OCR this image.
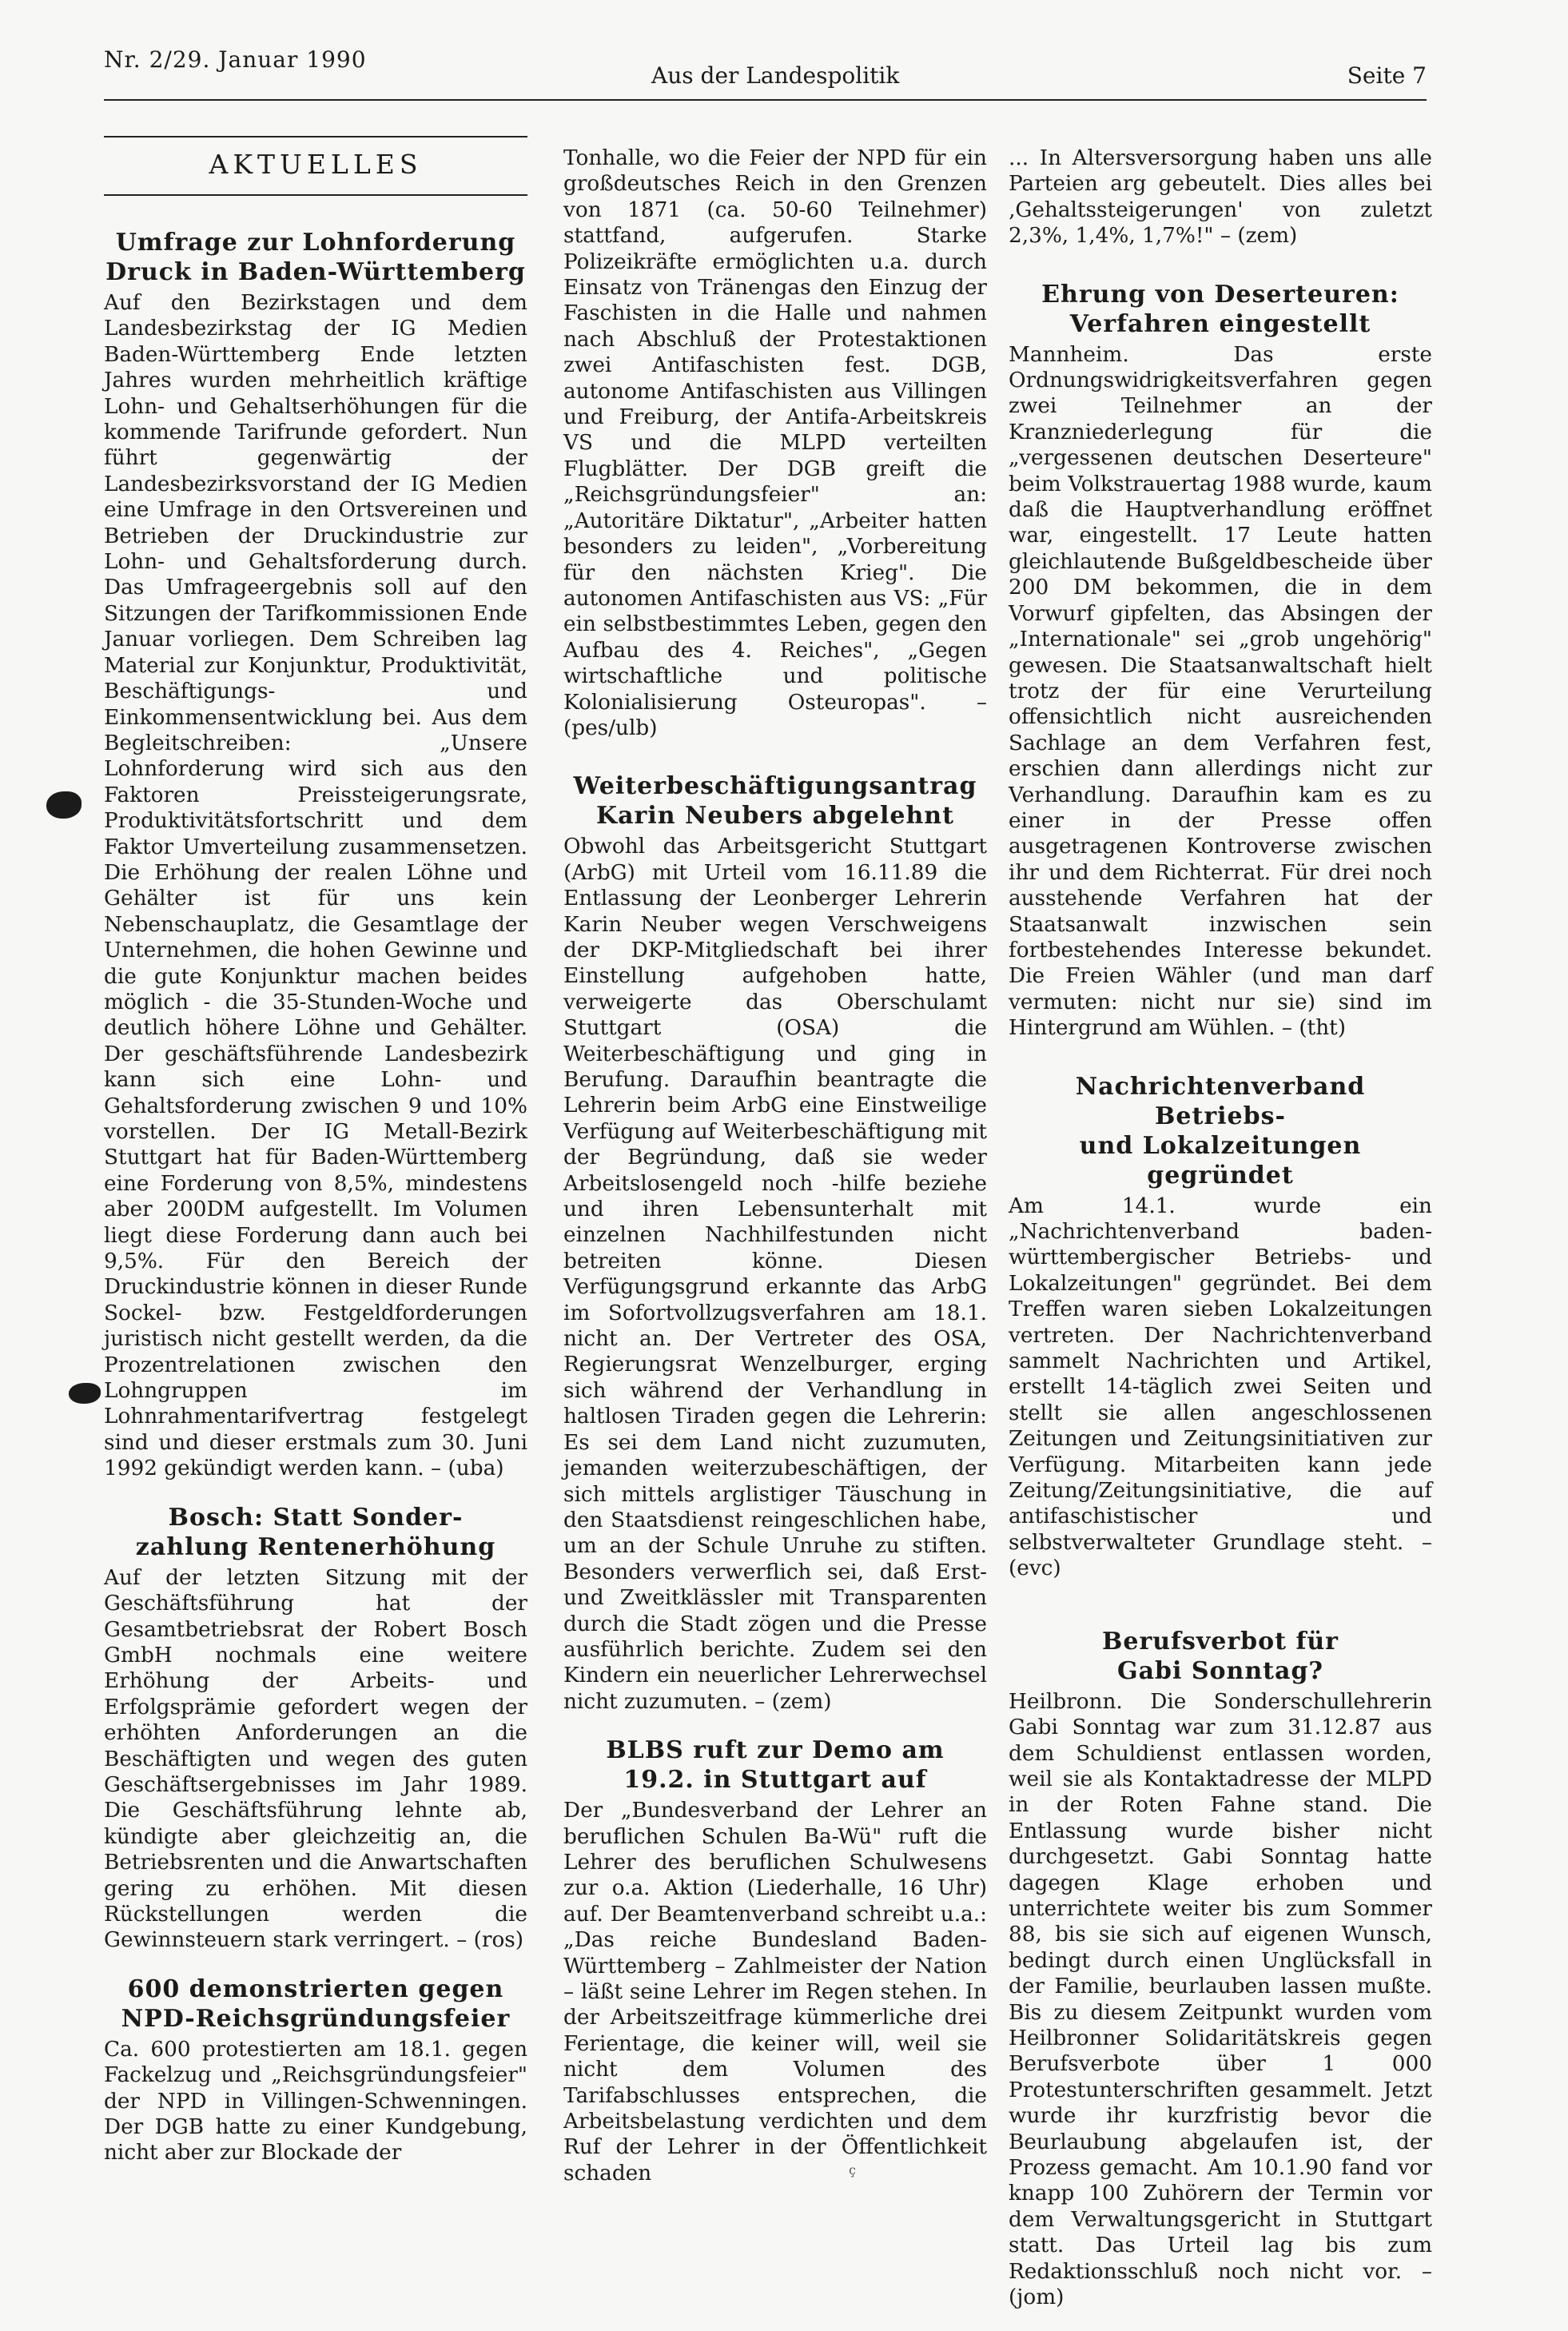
Nr. 2/29. Januar 1990
Aus der Landespolitik	Seite 7
AKTUELLES
Umfrage zur Lohnforderung
Druck in Baden-Württemberg

Auf den Bezirkstagen und dem Landesbezirkstag der IG Medien Baden-Württemberg Ende letzten Jahres wurden mehrheitlich kräftige Lohn- und Gehaltserhöhungen für die kommende Tarifrunde gefordert. Nun führt gegenwärtig der Landesbezirksvorstand der IG Medien eine Umfrage in den Ortsvereinen und Betrieben der Druckindustrie zur Lohn- und Gehaltsforderung durch. Das Umfrageergebnis soll auf den Sitzungen der Tarifkommissionen Ende Januar vorliegen. Dem Schreiben lag Material zur Konjunktur, Produktivität, Beschäftigungs- und Einkommensentwicklung bei. Aus dem Begleitschreiben: „Unsere Lohnforderung wird sich aus den Faktoren Preissteigerungsrate, Produktivitätsfortschritt und dem Faktor Umverteilung zusammensetzen. Die Erhöhung der realen Löhne und Gehälter ist für uns kein Nebenschauplatz, die Gesamtlage der Unternehmen, die hohen Gewinne und die gute Konjunktur machen beides möglich - die 35-Stunden-Woche und deutlich höhere Löhne und Gehälter. Der geschäftsführende Landesbezirk kann sich eine Lohn- und Gehaltsforderung zwischen 9 und 10% vorstellen. Der IG Metall-Bezirk Stuttgart hat für Baden-Württemberg eine Forderung von 8,5%, mindestens aber 200DM aufgestellt. Im Volumen liegt diese Forderung dann auch bei 9,5%. Für den Bereich der Druckindustrie können in dieser Runde Sockel- bzw. Festgeldforderungen juristisch nicht gestellt werden, da die Prozentrelationen zwischen den Lohngruppen im Lohnrahmentarifvertrag festgelegt sind und dieser erstmals zum 30. Juni 1992 gekündigt werden kann. – (uba)

Bosch: Statt Sonder-
zahlung Rentenerhöhung

Auf der letzten Sitzung mit der Geschäftsführung hat der Gesamtbetriebsrat der Robert Bosch GmbH nochmals eine weitere Erhöhung der Arbeits- und Erfolgsprämie gefordert wegen der erhöhten Anforderungen an die Beschäftigten und wegen des guten Geschäftsergebnisses im Jahr 1989. Die Geschäftsführung lehnte ab, kündigte aber gleichzeitig an, die Betriebsrenten und die Anwartschaften gering zu erhöhen. Mit diesen Rückstellungen werden die Gewinnsteuern stark verringert. – (ros)

600 demonstrierten gegen
NPD-Reichsgründungsfeier

Ca. 600 protestierten am 18.1. gegen Fackelzug und „Reichsgründungsfeier" der NPD in Villingen-Schwenningen. Der DGB hatte zu einer Kundgebung, nicht aber zur Blockade der

Tonhalle, wo die Feier der NPD für ein großdeutsches Reich in den Grenzen von 1871 (ca. 50-60 Teilnehmer) stattfand, aufgerufen. Starke Polizeikräfte ermöglichten u.a. durch Einsatz von Tränengas den Einzug der Faschisten in die Halle und nahmen nach Abschluß der Protestaktionen zwei Antifaschisten fest. DGB, autonome Antifaschisten aus Villingen und Freiburg, der Antifa-Arbeitskreis VS und die MLPD verteilten Flugblätter. Der DGB greift die „Reichsgründungsfeier" an: „Autoritäre Diktatur", „Arbeiter hatten besonders zu leiden", „Vorbereitung für den nächsten Krieg". Die autonomen Antifaschisten aus VS: „Für ein selbstbestimmtes Leben, gegen den Aufbau des 4. Reiches", „Gegen wirtschaftliche und politische Kolonialisierung Osteuropas". – (pes/ulb)

Weiterbeschäftigungsantrag
Karin Neubers abgelehnt

Obwohl das Arbeitsgericht Stuttgart (ArbG) mit Urteil vom 16.11.89 die Entlassung der Leonberger Lehrerin Karin Neuber wegen Verschweigens der DKP-Mitgliedschaft bei ihrer Einstellung aufgehoben hatte, verweigerte das Oberschulamt Stuttgart (OSA) die Weiterbeschäftigung und ging in Berufung. Daraufhin beantragte die Lehrerin beim ArbG eine Einstweilige Verfügung auf Weiterbeschäftigung mit der Begründung, daß sie weder Arbeitslosengeld noch -hilfe beziehe und ihren Lebensunterhalt mit einzelnen Nachhilfestunden nicht betreiten könne. Diesen Verfügungsgrund erkannte das ArbG im Sofortvollzugsverfahren am 18.1. nicht an. Der Vertreter des OSA, Regierungsrat Wenzelburger, erging sich während der Verhandlung in haltlosen Tiraden gegen die Lehrerin: Es sei dem Land nicht zuzumuten, jemanden weiterzubeschäftigen, der sich mittels arglistiger Täuschung in den Staatsdienst reingeschlichen habe, um an der Schule Unruhe zu stiften. Besonders verwerflich sei, daß Erst- und Zweitklässler mit Transparenten durch die Stadt zögen und die Presse ausführlich berichte. Zudem sei den Kindern ein neuerlicher Lehrerwechsel nicht zuzumuten. – (zem)

BLBS ruft zur Demo am
19.2. in Stuttgart auf

Der „Bundesverband der Lehrer an beruflichen Schulen Ba-Wü" ruft die Lehrer des beruflichen Schulwesens zur o.a. Aktion (Liederhalle, 16 Uhr) auf. Der Beamtenverband schreibt u.a.: „Das reiche Bundesland Baden-Württemberg – Zahlmeister der Nation – läßt seine Lehrer im Regen stehen. In der Arbeitszeitfrage kümmerliche drei Ferientage, die keiner will, weil sie nicht dem Volumen des Tarifabschlusses entsprechen, die Arbeitsbelastung verdichten und dem Ruf der Lehrer in der Öffentlichkeit schaden

... In Altersversorgung haben uns alle Parteien arg gebeutelt. Dies alles bei ‚Gehaltssteigerungen' von zuletzt 2,3%, 1,4%, 1,7%!" – (zem)

Ehrung von Deserteuren:
Verfahren eingestellt

Mannheim. Das erste Ordnungswidrigkeitsverfahren gegen zwei Teilnehmer an der Kranzniederlegung für die „vergessenen deutschen Deserteure" beim Volkstrauertag 1988 wurde, kaum daß die Hauptverhandlung eröffnet war, eingestellt. 17 Leute hatten gleichlautende Bußgeldbescheide über 200 DM bekommen, die in dem Vorwurf gipfelten, das Absingen der „Internationale" sei „grob ungehörig" gewesen. Die Staatsanwaltschaft hielt trotz der für eine Verurteilung offensichtlich nicht ausreichenden Sachlage an dem Verfahren fest, erschien dann allerdings nicht zur Verhandlung. Daraufhin kam es zu einer in der Presse offen ausgetragenen Kontroverse zwischen ihr und dem Richterrat. Für drei noch ausstehende Verfahren hat der Staatsanwalt inzwischen sein fortbestehendes Interesse bekundet. Die Freien Wähler (und man darf vermuten: nicht nur sie) sind im Hintergrund am Wühlen. – (tht)

Nachrichtenverband Betriebs-
und Lokalzeitungen gegründet

Am 14.1. wurde ein „Nachrichtenverband baden-württembergischer Betriebs- und Lokalzeitungen" gegründet. Bei dem Treffen waren sieben Lokalzeitungen vertreten. Der Nachrichtenverband sammelt Nachrichten und Artikel, erstellt 14-täglich zwei Seiten und stellt sie allen angeschlossenen Zeitungen und Zeitungsinitiativen zur Verfügung. Mitarbeiten kann jede Zeitung/Zeitungsinitiative, die auf antifaschistischer und selbstverwalteter Grundlage steht. – (evc)

Berufsverbot für
Gabi Sonntag?

Heilbronn. Die Sonderschullehrerin Gabi Sonntag war zum 31.12.87 aus dem Schuldienst entlassen worden, weil sie als Kontaktadresse der MLPD in der Roten Fahne stand. Die Entlassung wurde bisher nicht durchgesetzt. Gabi Sonntag hatte dagegen Klage erhoben und unterrichtete weiter bis zum Sommer 88, bis sie sich auf eigenen Wunsch, bedingt durch einen Unglücksfall in der Familie, beurlauben lassen mußte. Bis zu diesem Zeitpunkt wurden vom Heilbronner Solidaritätskreis gegen Berufsverbote über 1 000 Protestunterschriften gesammelt. Jetzt wurde ihr kurzfristig bevor die Beurlaubung abgelaufen ist, der Prozess gemacht. Am 10.1.90 fand vor knapp 100 Zuhörern der Termin vor dem Verwaltungsgericht in Stuttgart statt. Das Urteil lag bis zum Redaktionsschluß noch nicht vor. – (jom)

ç
